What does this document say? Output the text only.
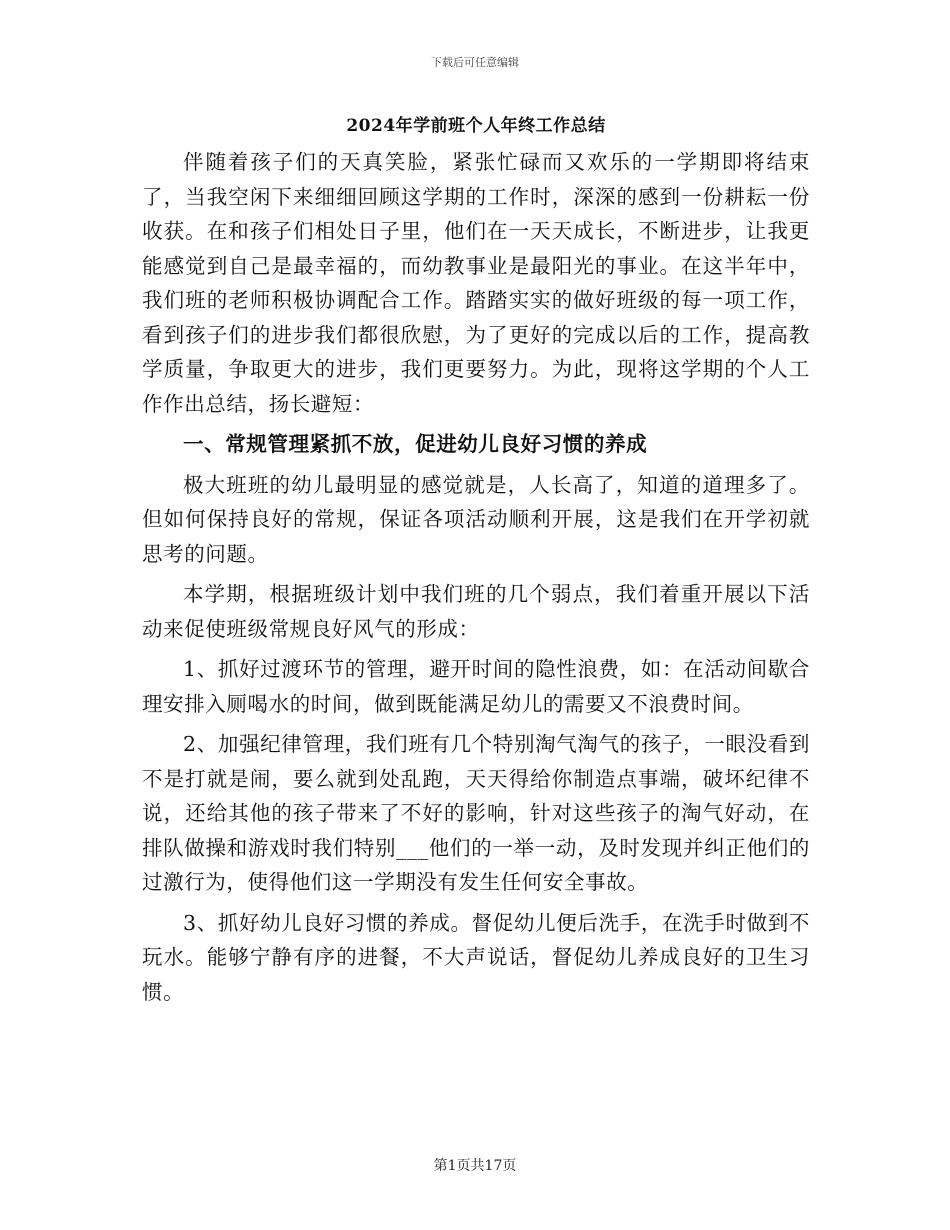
下载后可任意编辑
2024年学前班个人年终工作总结

伴随着孩子们的天真笑脸，紧张忙碌而又欢乐的一学期即将结束了，当我空闲下来细细回顾这学期的工作时，深深的感到一份耕耘一份收获。在和孩子们相处日子里，他们在一天天成长，不断进步，让我更能感觉到自己是最幸福的，而幼教事业是最阳光的事业。在这半年中，我们班的老师积极协调配合工作。踏踏实实的做好班级的每一项工作，看到孩子们的进步我们都很欣慰，为了更好的完成以后的工作，提高教学质量，争取更大的进步，我们更要努力。为此，现将这学期的个人工作作出总结，扬长避短：

一、常规管理紧抓不放，促进幼儿良好习惯的养成

极大班班的幼儿最明显的感觉就是，人长高了，知道的道理多了。但如何保持良好的常规，保证各项活动顺利开展，这是我们在开学初就思考的问题。

本学期，根据班级计划中我们班的几个弱点，我们着重开展以下活动来促使班级常规良好风气的形成：

1、抓好过渡环节的管理，避开时间的隐性浪费，如：在活动间歇合理安排入厕喝水的时间，做到既能满足幼儿的需要又不浪费时间。

2、加强纪律管理，我们班有几个特别淘气淘气的孩子，一眼没看到不是打就是闹，要么就到处乱跑，天天得给你制造点事端，破坏纪律不说，还给其他的孩子带来了不好的影响，针对这些孩子的淘气好动，在排队做操和游戏时我们特别___他们的一举一动，及时发现并纠正他们的过激行为，使得他们这一学期没有发生任何安全事故。

3、抓好幼儿良好习惯的养成。督促幼儿便后洗手，在洗手时做到不玩水。能够宁静有序的进餐，不大声说话，督促幼儿养成良好的卫生习惯。

第1页共17页
